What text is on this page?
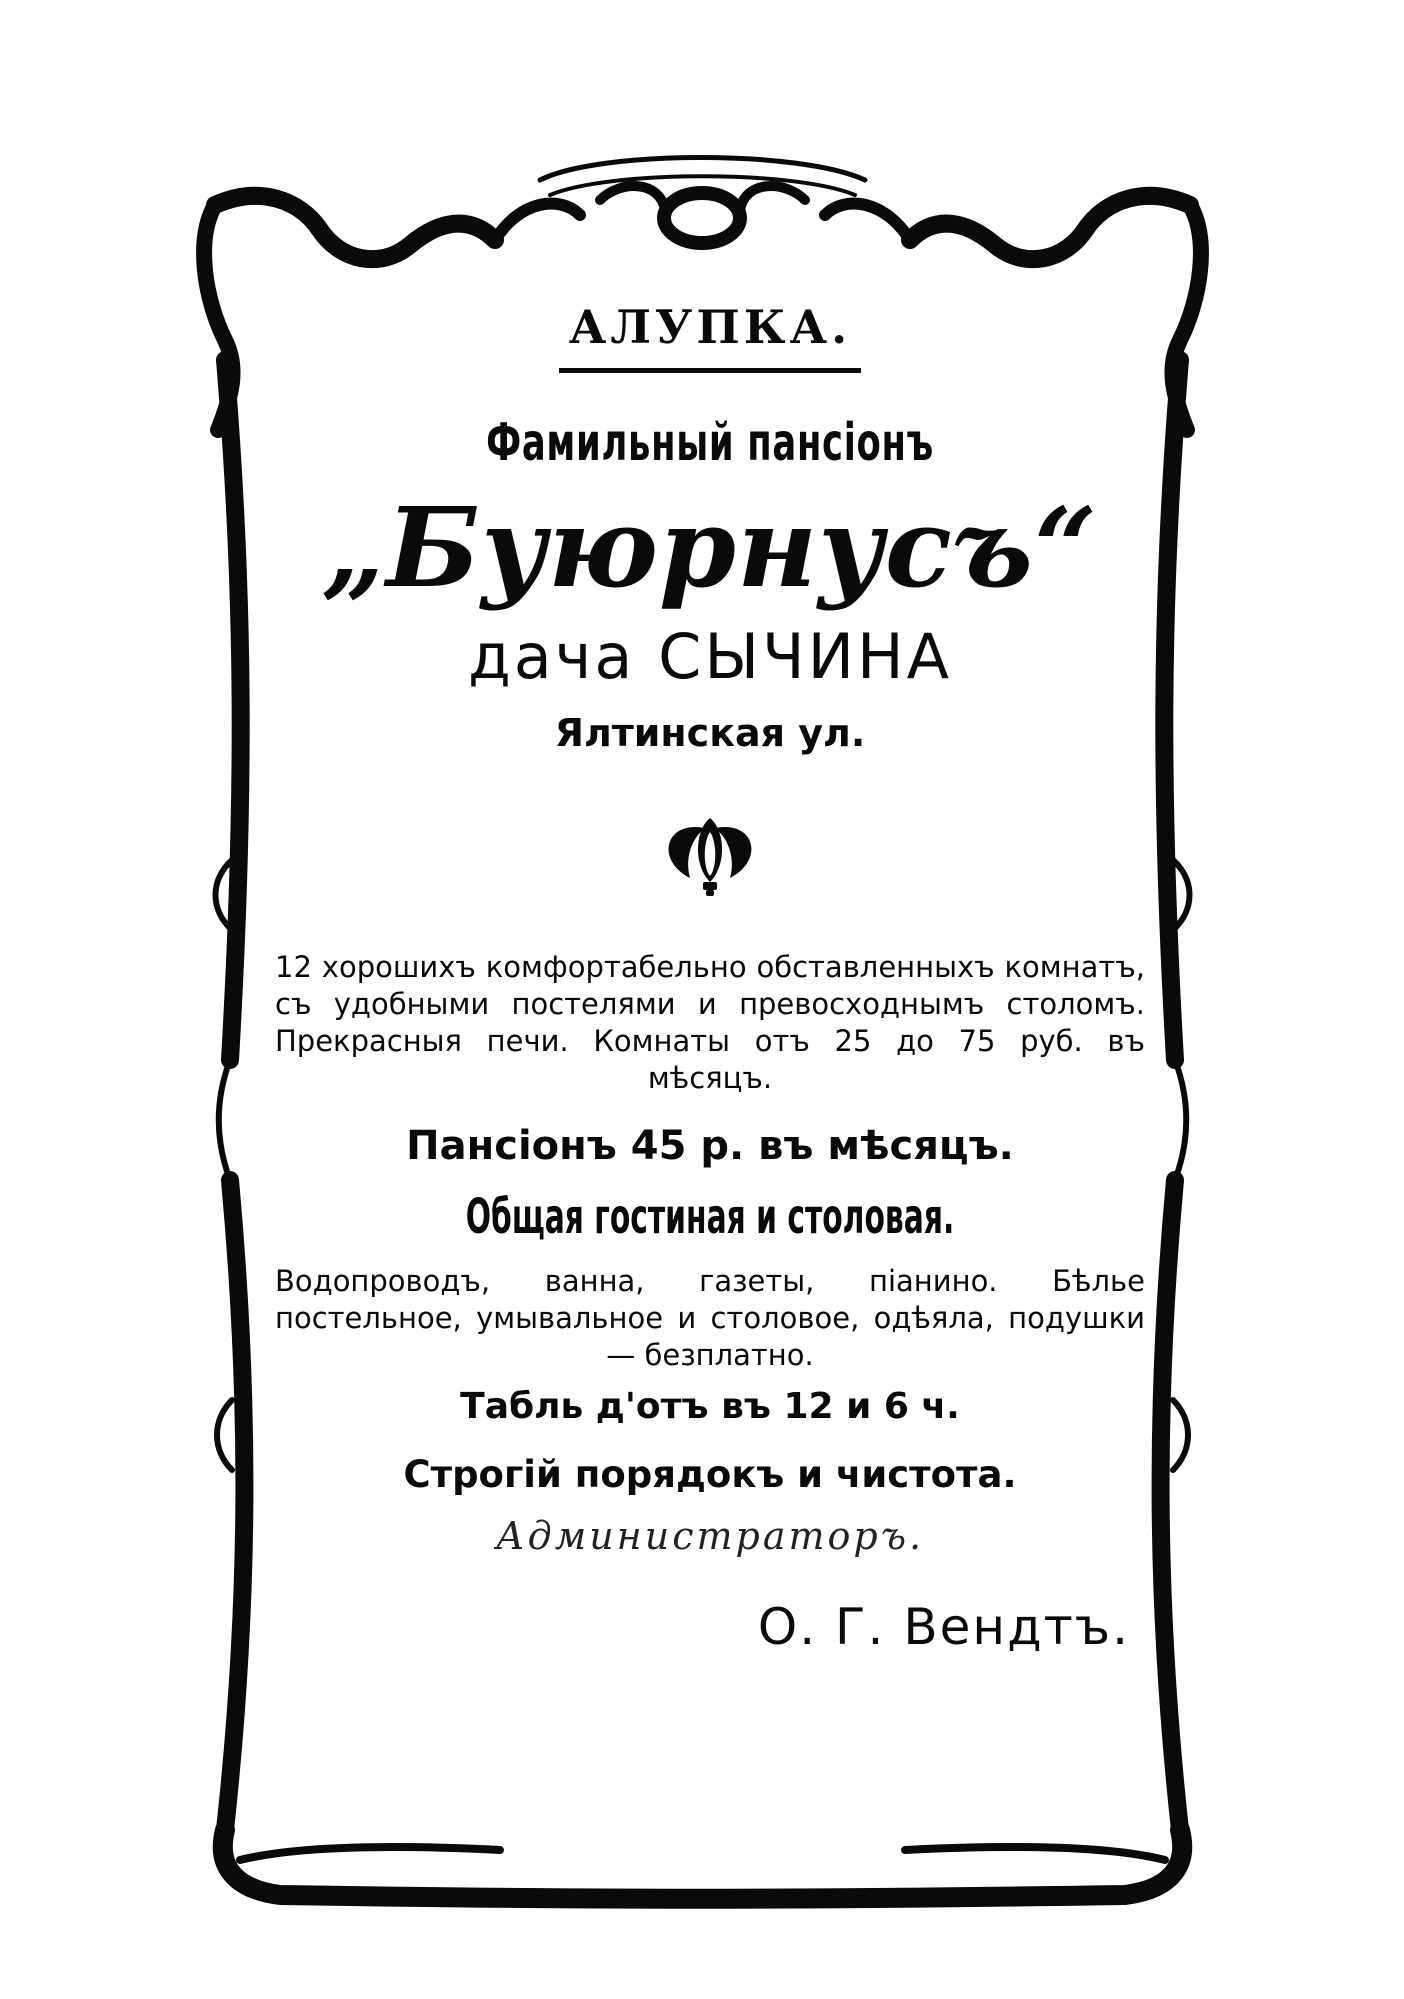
АЛУПКА.
Фамильный пансіонъ
„Буюрнусъ“
дача СЫЧИНА
Ялтинская ул.
12 хорошихъ комфортабельно обставленныхъ комнатъ, съ удобными постелями и превосходнымъ столомъ. Прекрасныя печи. Комнаты отъ 25 до 75 руб. въ мѣсяцъ.
Пансіонъ 45 р. въ мѣсяцъ.
Общая гостиная и столовая.
Водопроводъ, ванна, газеты, піанино. Бѣлье постельное, умывальное и столовое, одѣяла, подушки — безплатно.
Табль д'отъ въ 12 и 6 ч.
Строгій порядокъ и чистота.
Администраторъ.
О. Г. Вендтъ.
